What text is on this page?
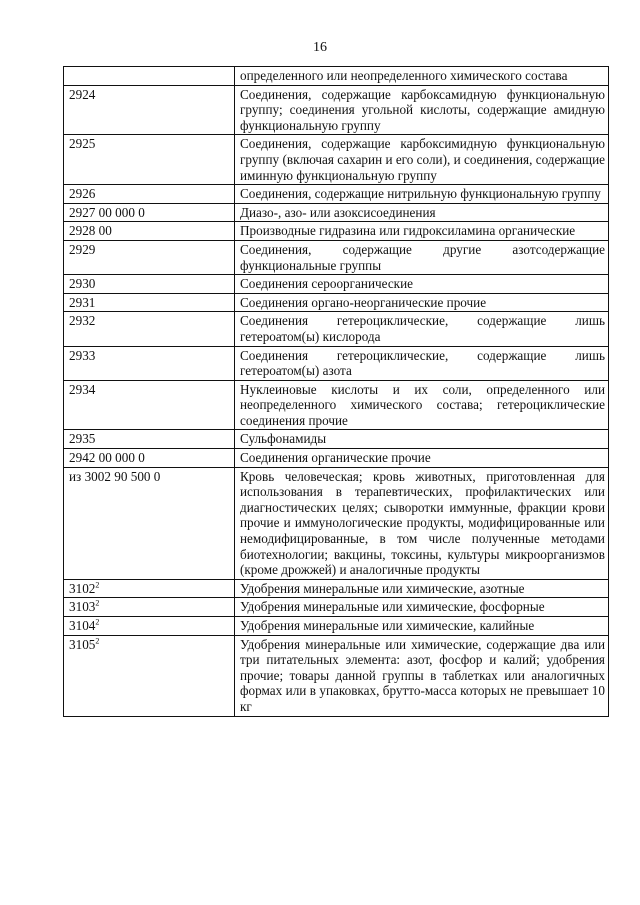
16
	определенного или неопределенного химического состава
2924	Соединения, содержащие карбоксамидную функциональную группу; соединения угольной кислоты, содержащие амидную функциональную группу
2925	Соединения, содержащие карбоксимидную функциональную группу (включая сахарин и его соли), и соединения, содержащие иминную функциональную группу
2926	Соединения, содержащие нитрильную функциональную группу
2927 00 000 0	Диазо-, азо- или азоксисоединения
2928 00	Производные гидразина или гидроксиламина органические
2929	Соединения, содержащие другие азотсодержащие функциональные группы
2930	Соединения сероорганические
2931	Соединения органо-неорганические прочие
2932	Соединения гетероциклические, содержащие лишь гетероатом(ы) кислорода
2933	Соединения гетероциклические, содержащие лишь гетероатом(ы) азота
2934	Нуклеиновые кислоты и их соли, определенного или неопределенного химического состава; гетероциклические соединения прочие
2935	Сульфонамиды
2942 00 000 0	Соединения органические прочие
из 3002 90 500 0	Кровь человеческая; кровь животных, приготовленная для использования в терапевтических, профилактических или диагностических целях; сыворотки иммунные, фракции крови прочие и иммунологические продукты, модифицированные или немодифицированные, в том числе полученные методами биотехнологии; вакцины, токсины, культуры микроорганизмов (кроме дрожжей) и аналогичные продукты
3102$^2$	Удобрения минеральные или химические, азотные
3103$^2$	Удобрения минеральные или химические, фосфорные
3104$^2$	Удобрения минеральные или химические, калийные
3105$^2$	Удобрения минеральные или химические, содержащие два или три питательных элемента: азот, фосфор и калий; удобрения прочие; товары данной группы в таблетках или аналогичных формах или в упаковках, брутто-масса которых не превышает 10 кг
